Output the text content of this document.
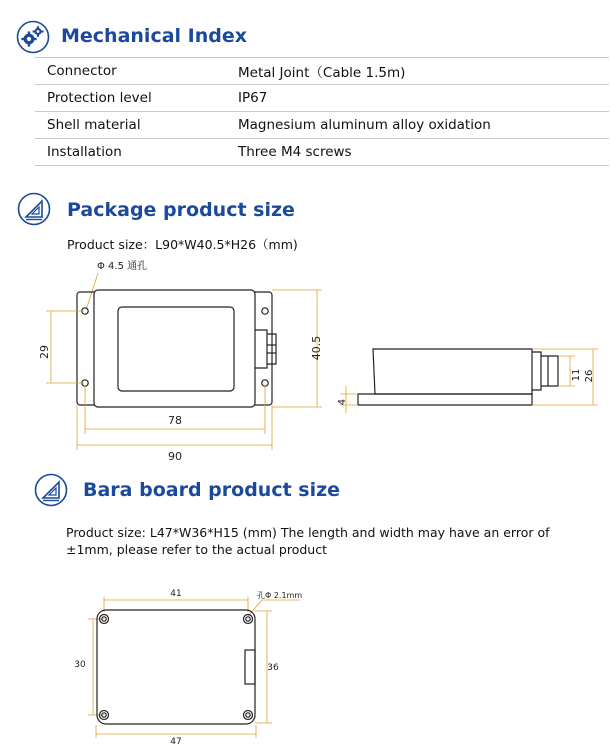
Mechanical Index
Connector	Metal Joint（Cable 1.5m)
Protection level	IP67
Shell material	Magnesium aluminum alloy oxidation
Installation	Three M4 screws
Package product size
Product size：L90*W40.5*H26（mm)
Φ 4.5 通孔
29	40.5
78
90
4
11 26
Bara board product size
Product size: L47*W36*H15 (mm) The length and width may have an error of
±1mm, please refer to the actual product
41	孔Φ 2.1mm
30	36
47
